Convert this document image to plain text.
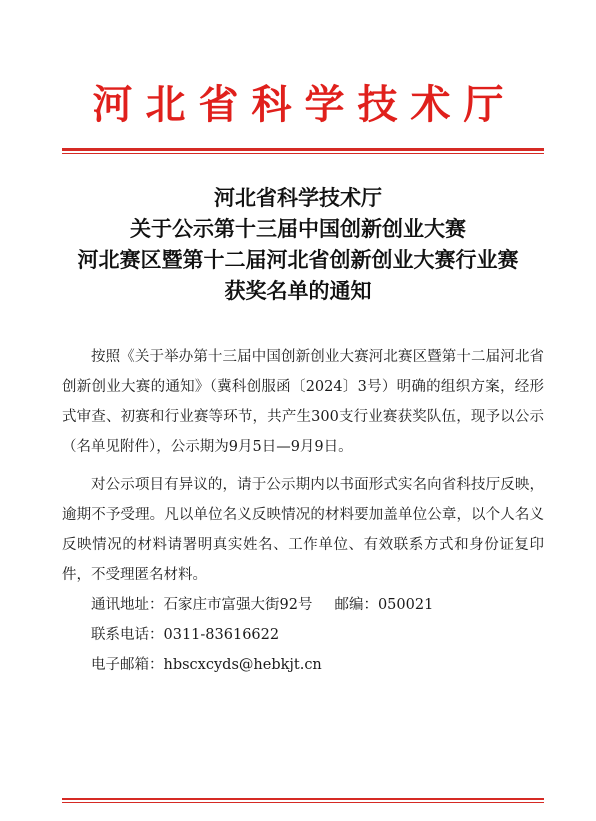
河北省科学技术厅
河北省科学技术厅
关于公示第十三届中国创新创业大赛
河北赛区暨第十二届河北省创新创业大赛行业赛
获奖名单的通知

按照《关于举办第十三届中国创新创业大赛河北赛区暨第十二届河北省创新创业大赛的通知》（冀科创服函〔2024〕3号）明确的组织方案，经形式审查、初赛和行业赛等环节，共产生300支行业赛获奖队伍，现予以公示（名单见附件），公示期为9月5日—9月9日。

对公示项目有异议的，请于公示期内以书面形式实名向省科技厅反映，逾期不予受理。凡以单位名义反映情况的材料要加盖单位公章，以个人名义反映情况的材料请署明真实姓名、工作单位、有效联系方式和身份证复印件，不受理匿名材料。

通讯地址：石家庄市富强大街92号 邮编：050021
联系电话：0311-83616622
电子邮箱：hbscxcyds@hebkjt.cn
